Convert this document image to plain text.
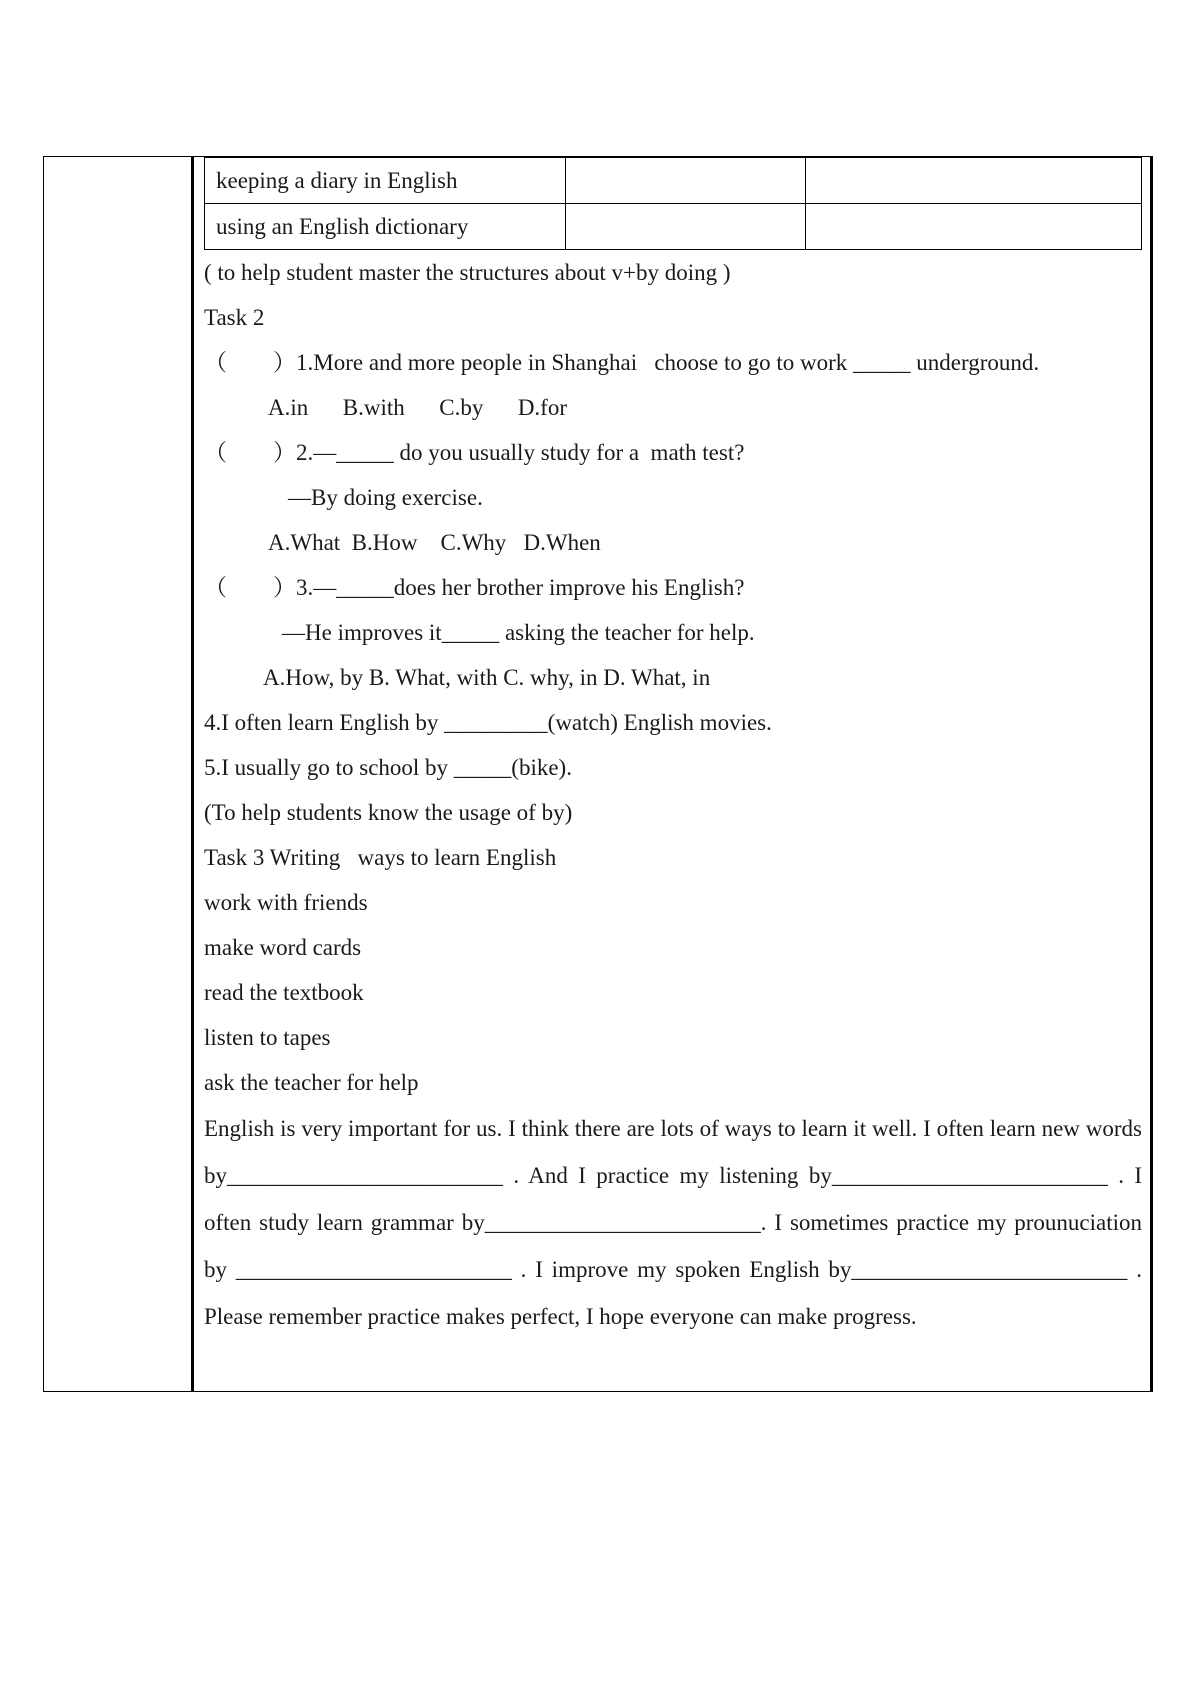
keeping a diary in English		
using an English dictionary		
( to help student master the structures about v+by doing )
Task 2
（　　）1.More and more people in Shanghai   choose to go to work _____ underground.
A.in      B.with      C.by      D.for
（　　）2.—_____ do you usually study for a  math test?
—By doing exercise.
A.What  B.How    C.Why   D.When
（　　）3.—_____does her brother improve his English?
—He improves it_____ asking the teacher for help.
A.How, by B. What, with C. why, in D. What, in
4.I often learn English by _________(watch) English movies.
5.I usually go to school by _____(bike).
(To help students know the usage of by)
Task 3 Writing   ways to learn English
work with friends
make word cards
read the textbook
listen to tapes
ask the teacher for help
English is very important for us. I think there are lots of ways to learn it well. I often learn new words by________________________ . And I practice my listening by________________________ . I often study learn grammar by________________________. I sometimes practice my prounuciation by ________________________ . I improve my spoken English by________________________ . Please remember practice makes perfect, I hope everyone can make progress.
